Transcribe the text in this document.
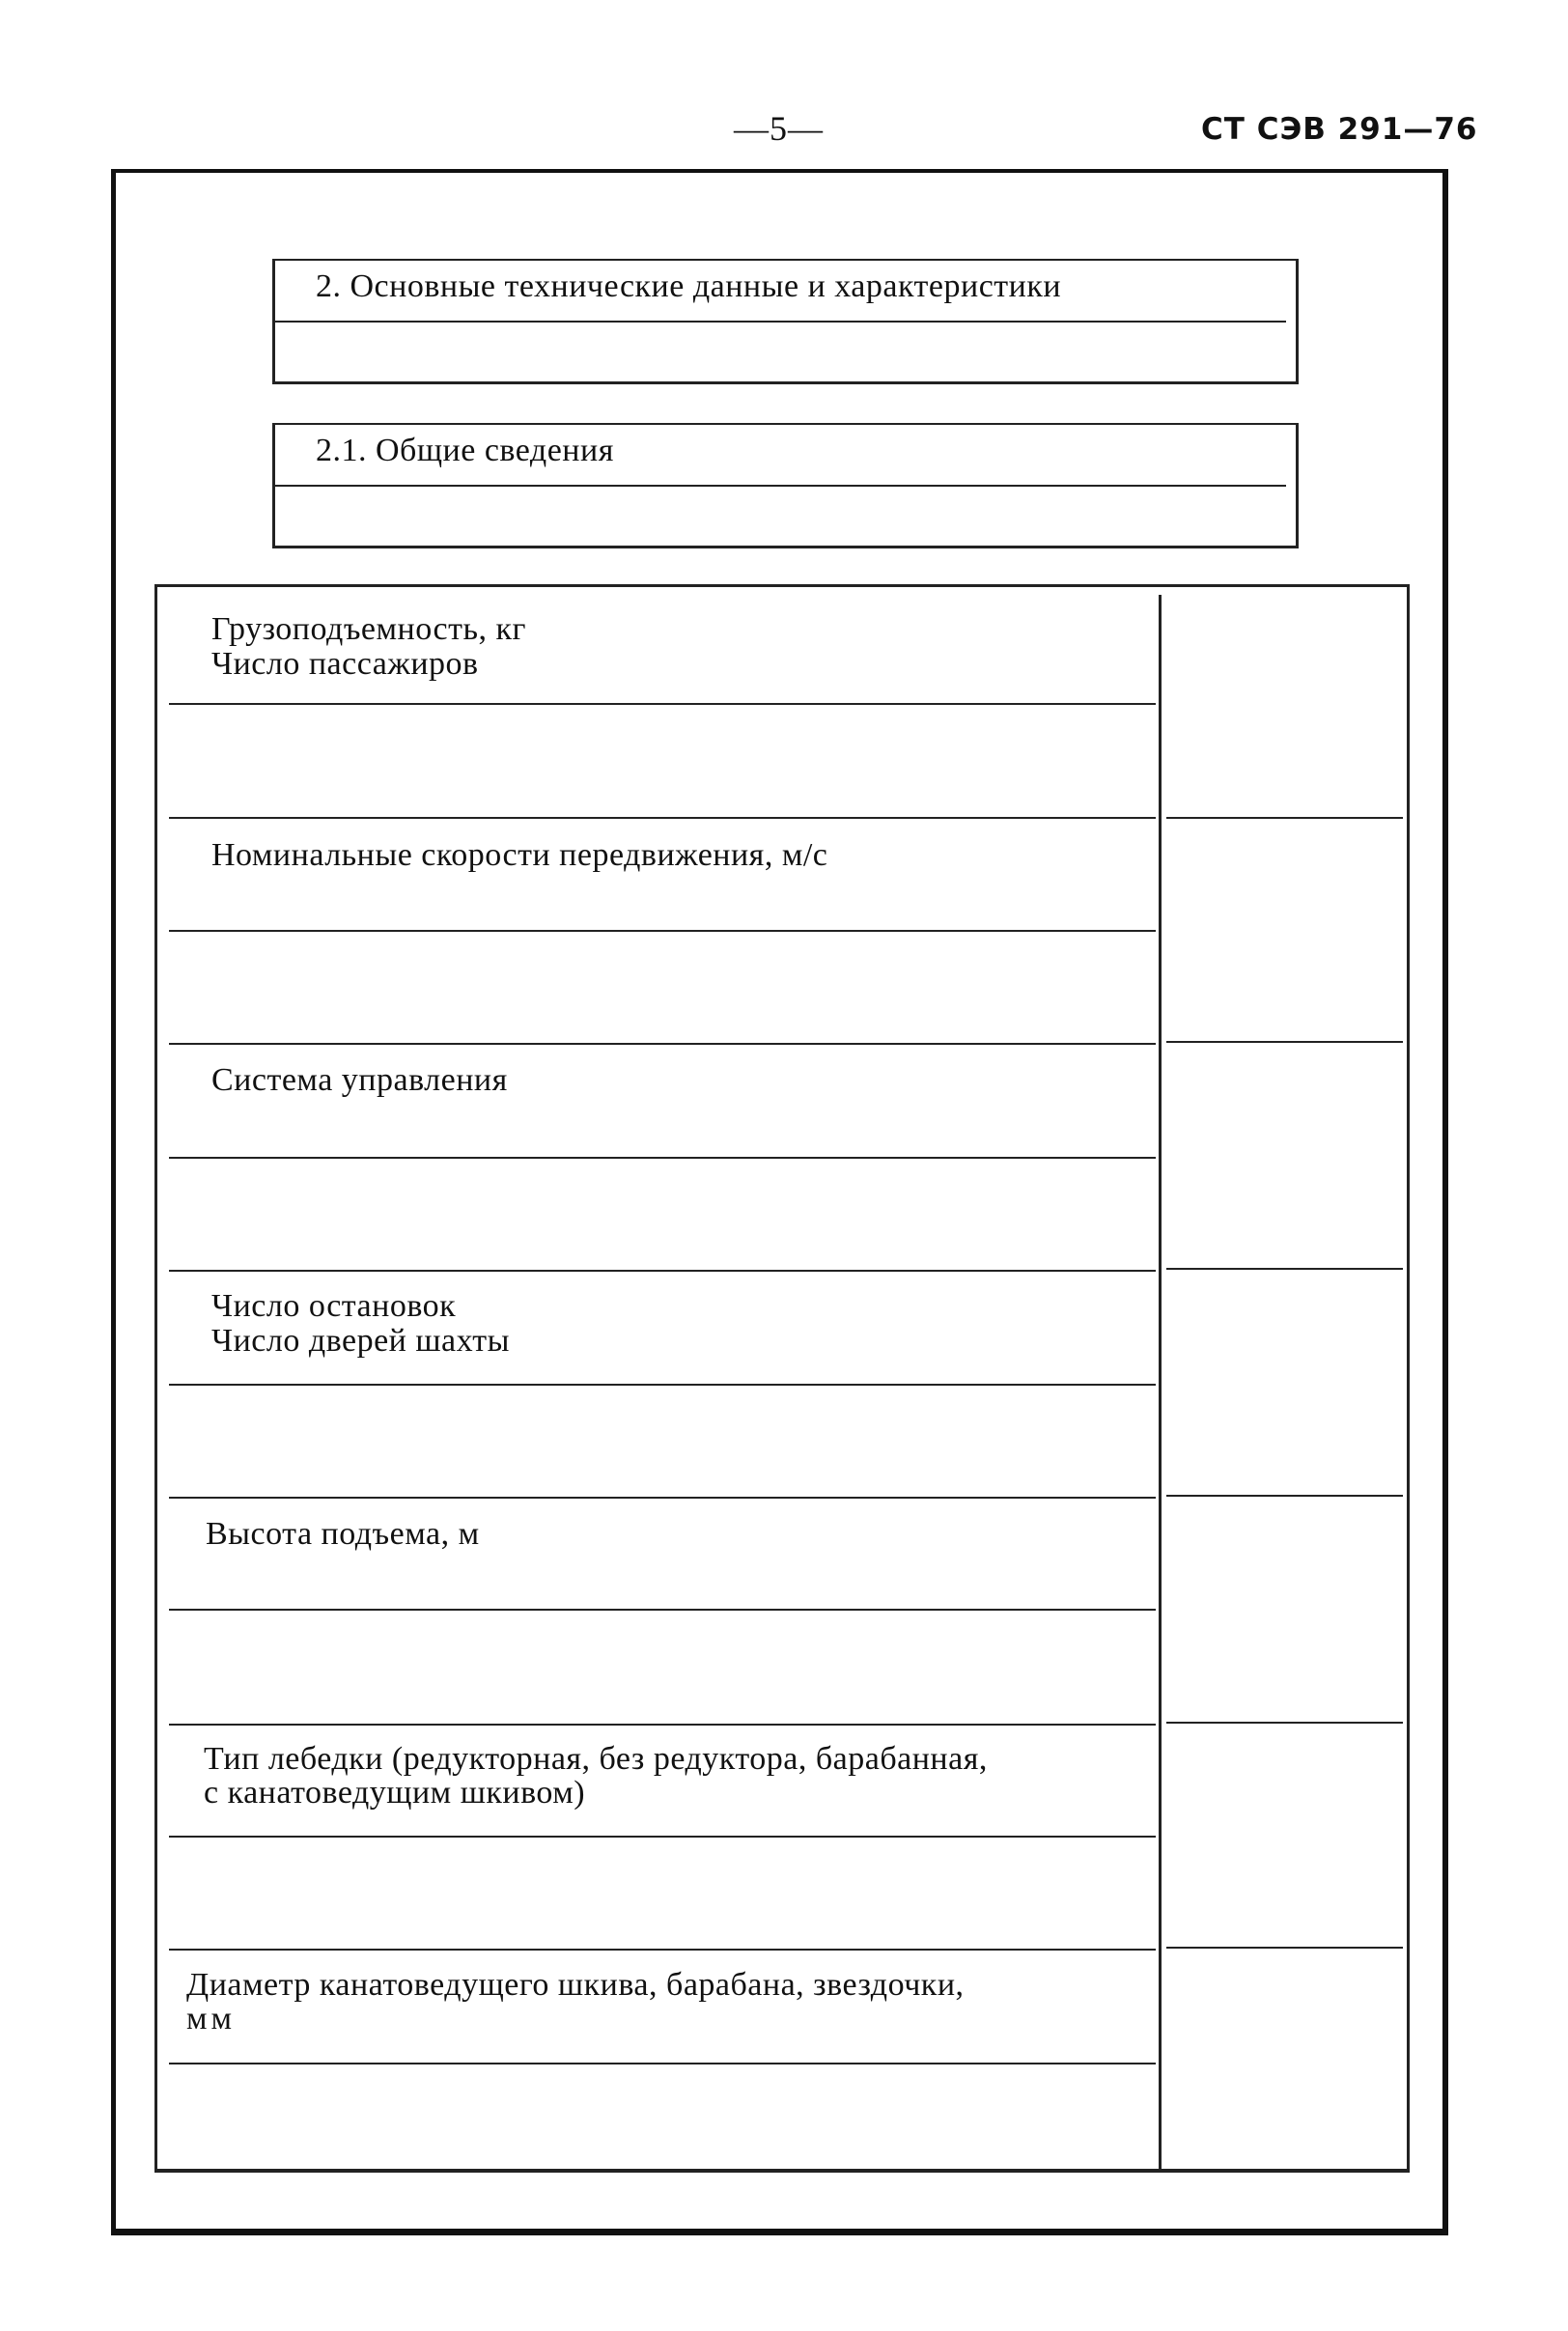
—5—	СТ СЭВ 291—76
2. Основные технические данные и характеристики
2.1. Общие сведения
Грузоподъемность, кг
Число пассажиров
Номинальные скорости передвижения, м/с
Система управления
Число остановок
Число дверей шахты
Высота подъема, м
Тип лебедки (редукторная, без редуктора, барабанная,
с канатоведущим шкивом)
Диаметр канатоведущего шкива, барабана, звездочки,
мм
